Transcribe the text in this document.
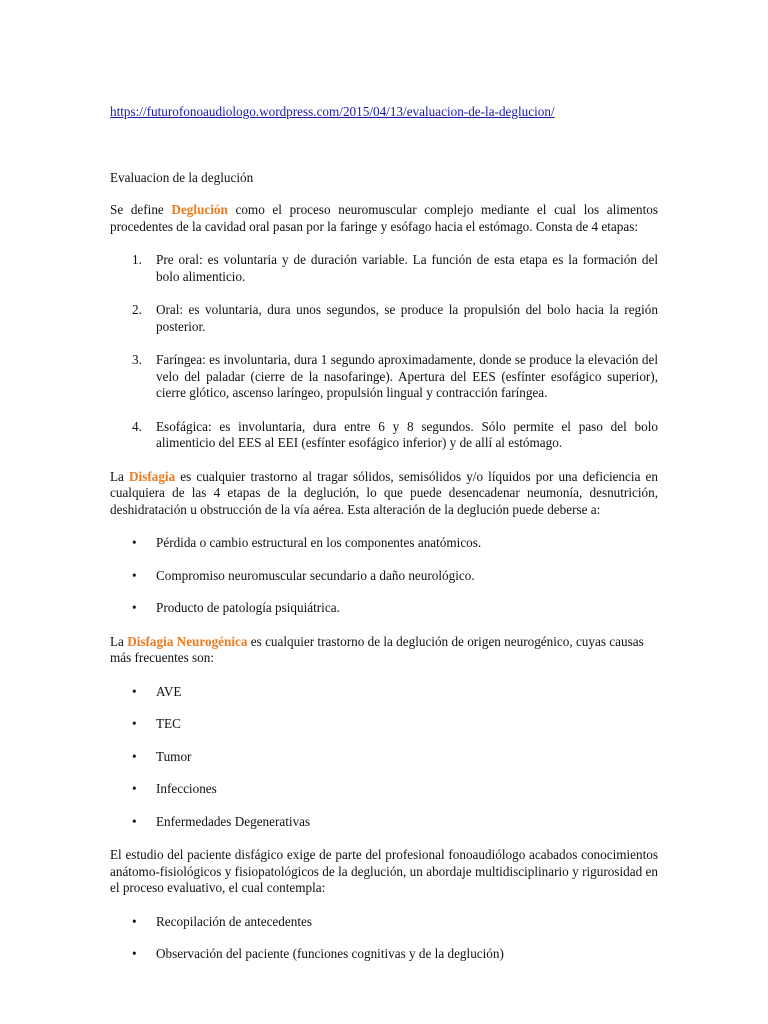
https://futurofonoaudiologo.wordpress.com/2015/04/13/evaluacion-de-la-deglucion/

Evaluacion de la deglución

Se define Deglución como el proceso neuromuscular complejo mediante el cual los alimentos procedentes de la cavidad oral pasan por la faringe y esófago hacia el estómago. Consta de 4 etapas:

1. Pre oral: es voluntaria y de duración variable. La función de esta etapa es la formación del bolo alimenticio.
2. Oral: es voluntaria, dura unos segundos, se produce la propulsión del bolo hacia la región posterior.
3. Faríngea: es involuntaria, dura 1 segundo aproximadamente, donde se produce la elevación del velo del paladar (cierre de la nasofaringe). Apertura del EES (esfínter esofágico superior), cierre glótico, ascenso laríngeo, propulsión lingual y contracción faríngea.
4. Esofágica: es involuntaria, dura entre 6 y 8 segundos. Sólo permite el paso del bolo alimenticio del EES al EEI (esfínter esofágico inferior) y de allí al estómago.

La Disfagia es cualquier trastorno al tragar sólidos, semisólidos y/o líquidos por una deficiencia en cualquiera de las 4 etapas de la deglución, lo que puede desencadenar neumonía, desnutrición, deshidratación u obstrucción de la vía aérea. Esta alteración de la deglución puede deberse a:

• Pérdida o cambio estructural en los componentes anatómicos.
• Compromiso neuromuscular secundario a daño neurológico.
• Producto de patología psiquiátrica.

La Disfagia Neurogénica es cualquier trastorno de la deglución de origen neurogénico, cuyas causas más frecuentes son:

• AVE
• TEC
• Tumor
• Infecciones
• Enfermedades Degenerativas

El estudio del paciente disfágico exige de parte del profesional fonoaudiólogo acabados conocimientos anátomo-fisiológicos y fisiopatológicos de la deglución, un abordaje multidisciplinario y rigurosidad en el proceso evaluativo, el cual contempla:

• Recopilación de antecedentes
• Observación del paciente (funciones cognitivas y de la deglución)
